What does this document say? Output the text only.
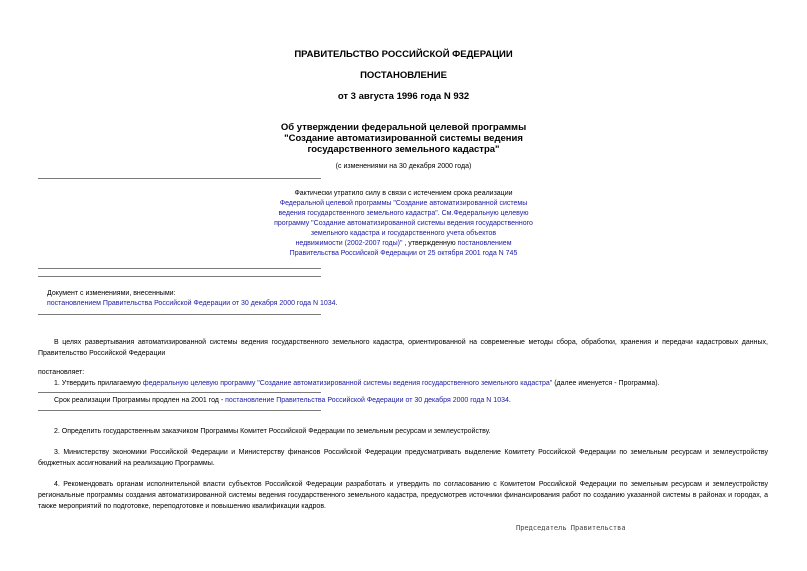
ПРАВИТЕЛЬСТВО РОССИЙСКОЙ ФЕДЕРАЦИИ
ПОСТАНОВЛЕНИЕ
от 3 августа 1996 года N 932
Об утверждении федеральной целевой программы
"Создание автоматизированной системы ведения
государственного земельного кадастра"
(с изменениями на 30 декабря 2000 года)
Фактически утратило силу в связи с истечением срока реализации
Федеральной целевой программы "Создание автоматизированной системы
ведения государственного земельного кадастра". См.Федеральную целевую
программу "Создание автоматизированной системы ведения государственного
земельного кадастра и государственного учета объектов
недвижимости (2002-2007 годы)" , утвержденную постановлением
Правительства Российской Федерации от 25 октября 2001 года N 745
Документ с изменениями, внесенными:
постановлением Правительства Российской Федерации от 30 декабря 2000 года N 1034.

В целях развертывания автоматизированной системы ведения государственного земельного кадастра, ориентированной на современные методы сбора, обработки, хранения и передачи кадастровых данных, Правительство Российской Федерации

постановляет:

1. Утвердить прилагаемую федеральную целевую программу "Создание автоматизированной системы ведения государственного земельного кадастра" (далее именуется - Программа).

Срок реализации Программы продлен на 2001 год - постановление Правительства Российской Федерации от 30 декабря 2000 года N 1034.

2. Определить государственным заказчиком Программы Комитет Российской Федерации по земельным ресурсам и землеустройству.

3. Министерству экономики Российской Федерации и Министерству финансов Российской Федерации предусматривать выделение Комитету Российской Федерации по земельным ресурсам и землеустройству бюджетных ассигнований на реализацию Программы.

4. Рекомендовать органам исполнительной власти субъектов Российской Федерации разработать и утвердить по согласованию с Комитетом Российской Федерации по земельным ресурсам и землеустройству региональные программы создания автоматизированной системы ведения государственного земельного кадастра, предусмотрев источники финансирования работ по созданию указанной системы в районах и городах, а также мероприятий по подготовке, переподготовке и повышению квалификации кадров.

Председатель Правительства
